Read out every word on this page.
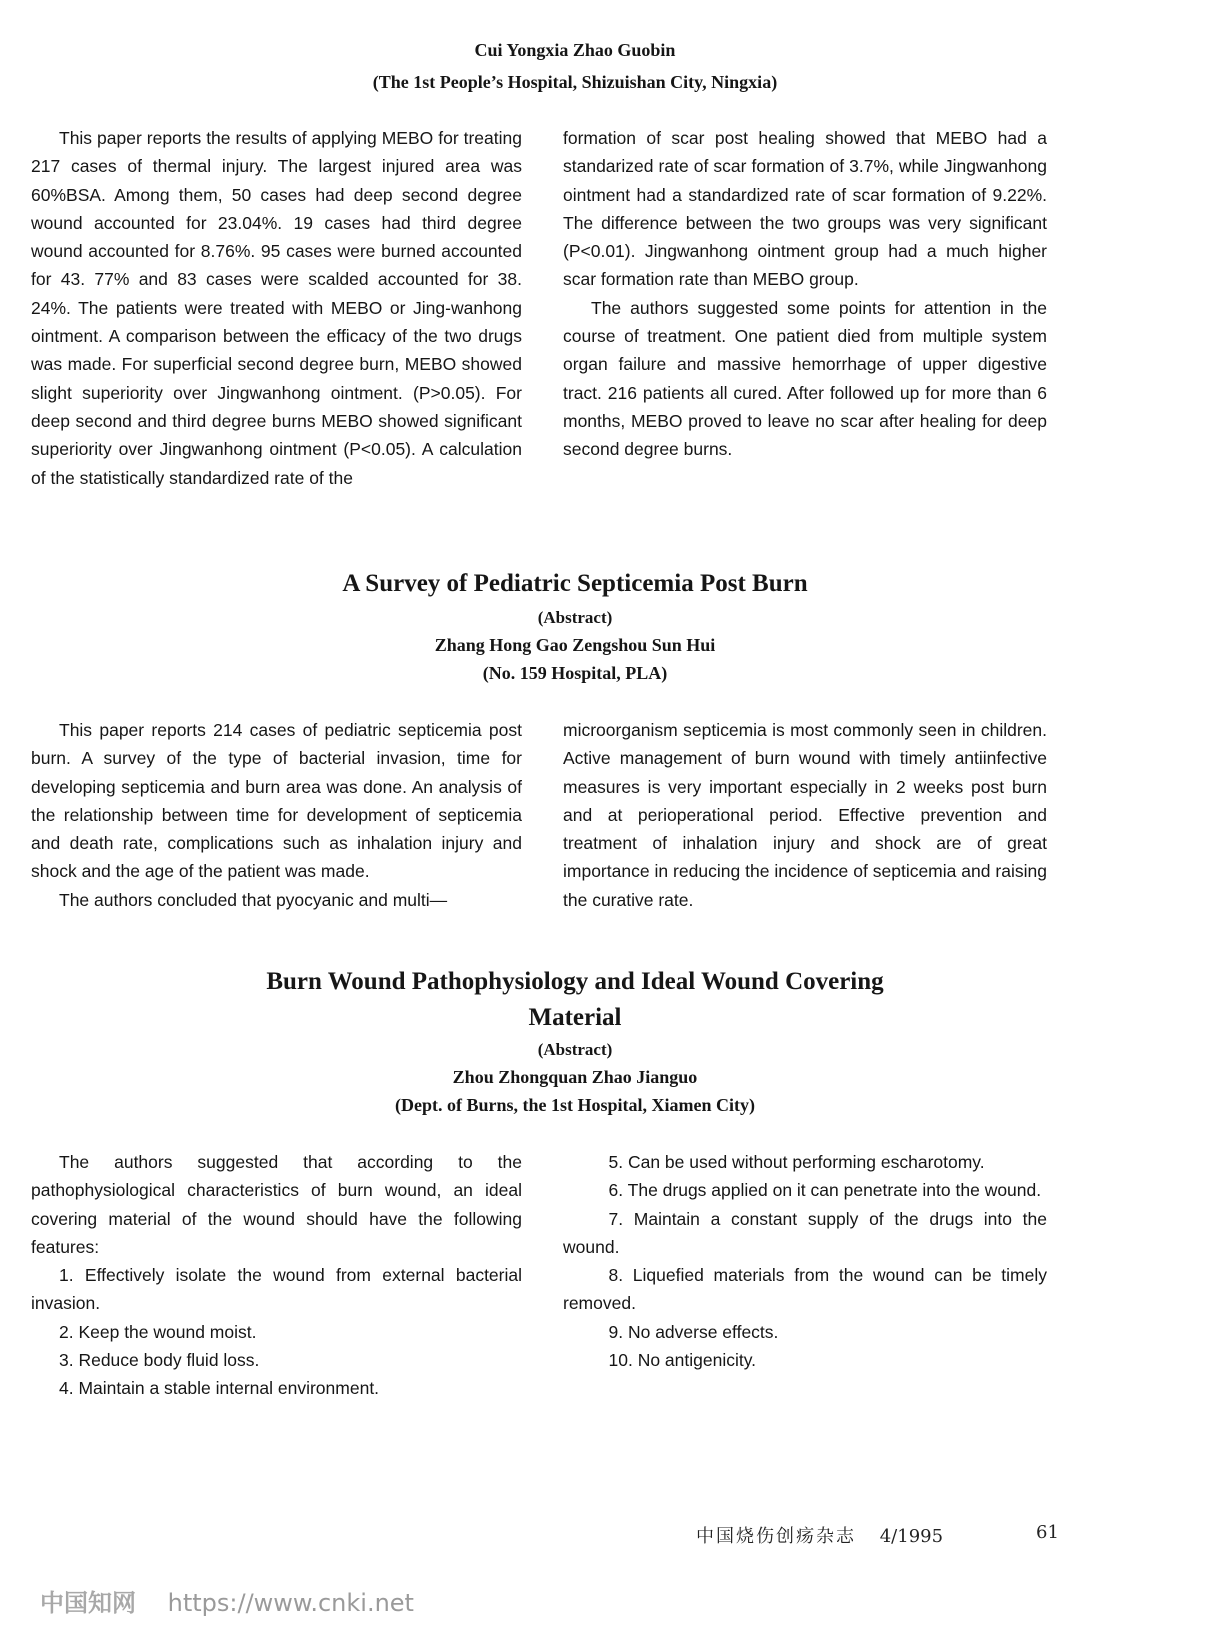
Cui Yongxia Zhao Guobin
(The 1st People’s Hospital, Shizuishan City, Ningxia)

This paper reports the results of applying MEBO for treating 217 cases of thermal injury. The largest injured area was 60%BSA. Among them, 50 cases had deep second degree wound accounted for 23.04%. 19 cases had third degree wound accounted for 8.76%. 95 cases were burned accounted for 43. 77% and 83 cases were scalded accounted for 38. 24%. The patients were treated with MEBO or Jing-wanhong ointment. A comparison between the efficacy of the two drugs was made. For superficial second degree burn, MEBO showed slight superiority over Jingwanhong ointment. (P>0.05). For deep second and third degree burns MEBO showed significant superiority over Jingwanhong ointment (P<0.05). A calculation of the statistically standardized rate of the

formation of scar post healing showed that MEBO had a standarized rate of scar formation of 3.7%, while Jingwanhong ointment had a standardized rate of scar formation of 9.22%. The difference between the two groups was very significant (P<0.01). Jingwanhong ointment group had a much higher scar formation rate than MEBO group.

The authors suggested some points for attention in the course of treatment. One patient died from multiple system organ failure and massive hemorrhage of upper digestive tract. 216 patients all cured. After followed up for more than 6 months, MEBO proved to leave no scar after healing for deep second degree burns.

A Survey of Pediatric Septicemia Post Burn
(Abstract)
Zhang Hong Gao Zengshou Sun Hui
(No. 159 Hospital, PLA)

This paper reports 214 cases of pediatric septicemia post burn. A survey of the type of bacterial invasion, time for developing septicemia and burn area was done. An analysis of the relationship between time for development of septicemia and death rate, complications such as inhalation injury and shock and the age of the patient was made.

The authors concluded that pyocyanic and multi—

microorganism septicemia is most commonly seen in children. Active management of burn wound with timely antiinfective measures is very important especially in 2 weeks post burn and at perioperational period. Effective prevention and treatment of inhalation injury and shock are of great importance in reducing the incidence of septicemia and raising the curative rate.

Burn Wound Pathophysiology and Ideal Wound Covering
Material
(Abstract)
Zhou Zhongquan Zhao Jianguo
(Dept. of Burns, the 1st Hospital, Xiamen City)

The authors suggested that according to the pathophysiological characteristics of burn wound, an ideal covering material of the wound should have the following features:

1. Effectively isolate the wound from external bacterial invasion.

2. Keep the wound moist.

3. Reduce body fluid loss.

4. Maintain a stable internal environment.

5. Can be used without performing escharotomy.

6. The drugs applied on it can penetrate into the wound.

7. Maintain a constant supply of the drugs into the wound.

8. Liquefied materials from the wound can be timely removed.

9. No adverse effects.

10. No antigenicity.

中国烧伤创疡杂志 4/1995	61
中国知网 https://www.cnki.net
